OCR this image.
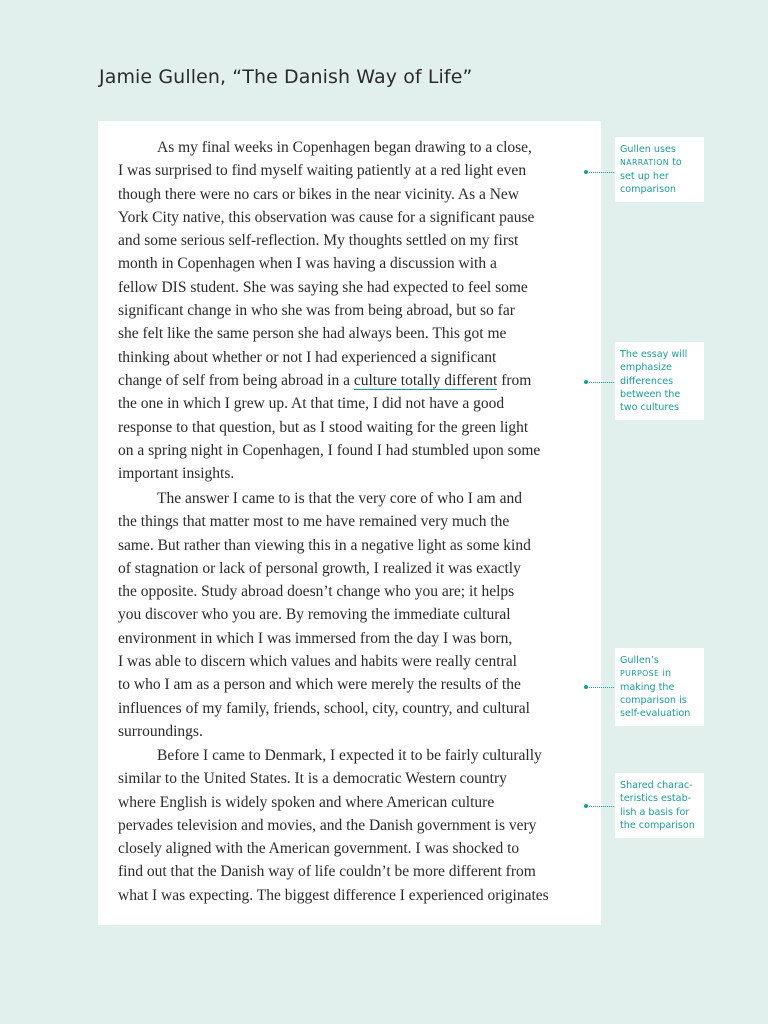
Jamie Gullen, “The Danish Way of Life”
As my final weeks in Copenhagen began drawing to a close,
I was surprised to find myself waiting patiently at a red light even
though there were no cars or bikes in the near vicinity. As a New
York City native, this observation was cause for a significant pause
and some serious self-reflection. My thoughts settled on my first
month in Copenhagen when I was having a discussion with a
fellow DIS student. She was saying she had expected to feel some
significant change in who she was from being abroad, but so far
she felt like the same person she had always been. This got me
thinking about whether or not I had experienced a significant
change of self from being abroad in a culture totally different from
the one in which I grew up. At that time, I did not have a good
response to that question, but as I stood waiting for the green light
on a spring night in Copenhagen, I found I had stumbled upon some
important insights.
The answer I came to is that the very core of who I am and
the things that matter most to me have remained very much the
same. But rather than viewing this in a negative light as some kind
of stagnation or lack of personal growth, I realized it was exactly
the opposite. Study abroad doesn’t change who you are; it helps
you discover who you are. By removing the immediate cultural
environment in which I was immersed from the day I was born,
I was able to discern which values and habits were really central
to who I am as a person and which were merely the results of the
influences of my family, friends, school, city, country, and cultural
surroundings.
Before I came to Denmark, I expected it to be fairly culturally
similar to the United States. It is a democratic Western country
where English is widely spoken and where American culture
pervades television and movies, and the Danish government is very
closely aligned with the American government. I was shocked to
find out that the Danish way of life couldn’t be more different from
what I was expecting. The biggest difference I experienced originates
Gullen uses
NARRATION to
set up her
comparison
The essay will
emphasize
differences
between the
two cultures
Gullen’s
PURPOSE in
making the
comparison is
self-evaluation
Shared charac-
teristics estab-
lish a basis for
the comparison
